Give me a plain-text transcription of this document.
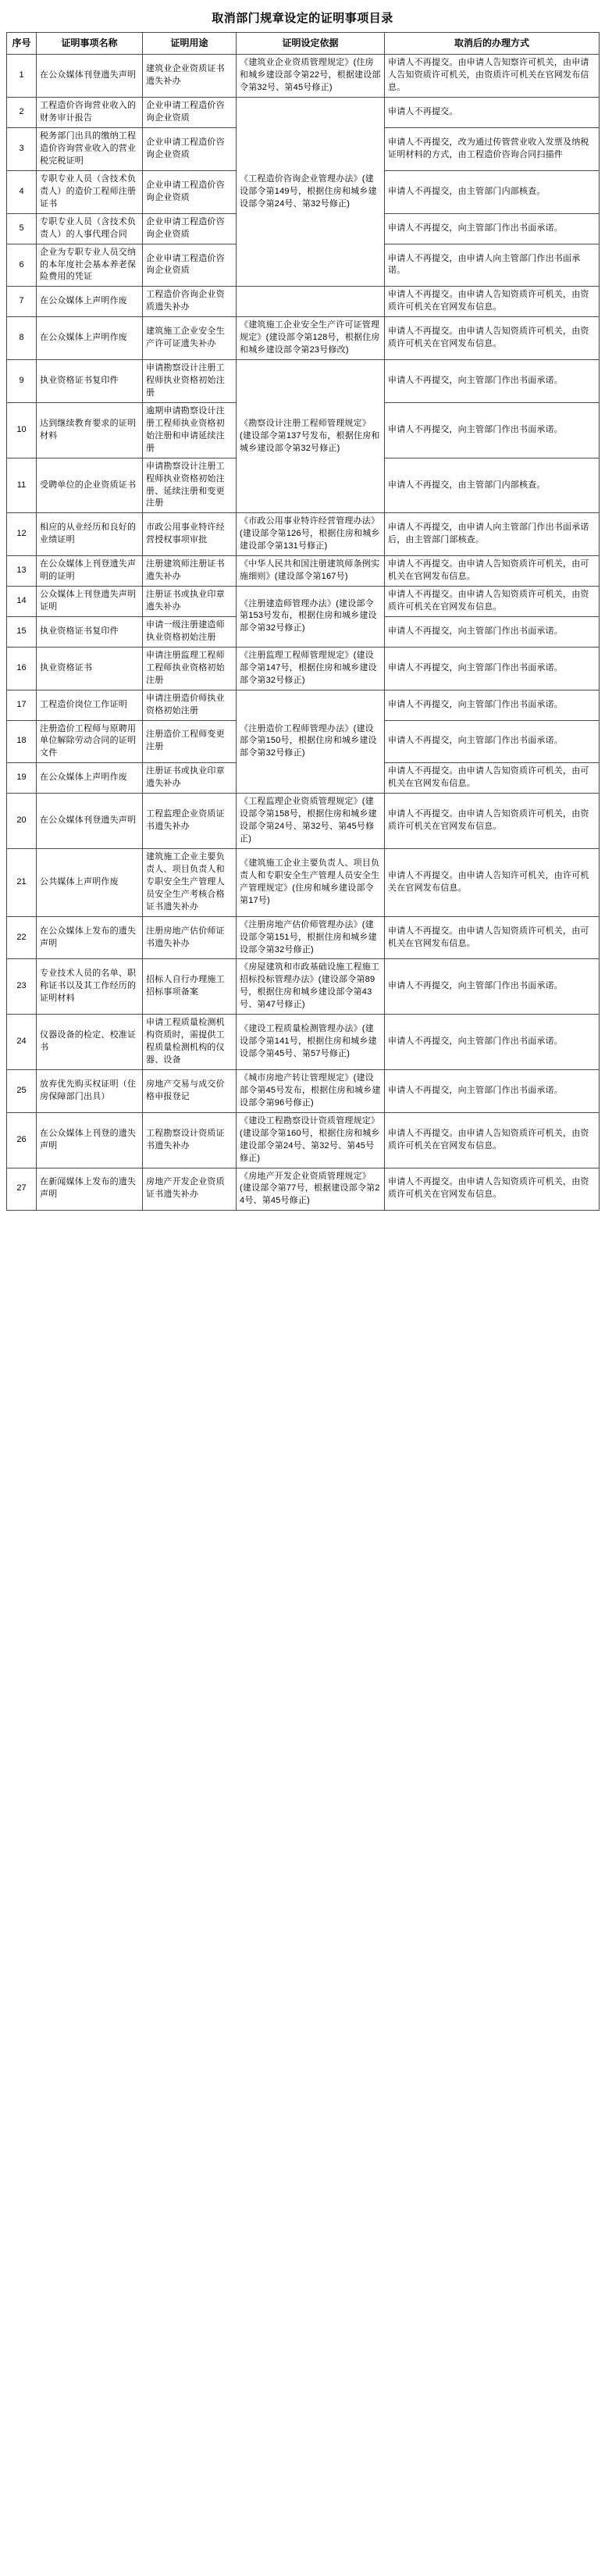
取消部门规章设定的证明事项目录
序号	证明事项名称	证明用途	证明设定依据	取消后的办理方式
1	在公众媒体刊登遗失声明	建筑业企业资质证书遗失补办	《建筑业企业资质管理规定》(住房和城乡建设部令第22号，根据建设部令第32号、第45号修正)	申请人不再提交。由申请人告知察许可机关，由申请人告知资质许可机关，由资质许可机关在官网发布信息。
2	工程造价咨询营业收入的财务审计报告	企业申请工程造价咨询企业资质	《工程造价咨询企业管理办法》(建设部令第149号，根据住房和城乡建设部令第24号、第32号修正)	申请人不再提交。
3	税务部门出具的缴纳工程造价咨询营业收入的营业税完税证明	企业申请工程造价咨询企业资质		申请人不再提交，改为通过传管营业收入发票及纳税证明材料的方式，由工程造价咨询合同扫描件
4	专职专业人员（含技术负责人）的造价工程师注册证书	企业申请工程造价咨询企业资质		申请人不再提交，由主管部门内部核查。
5	专职专业人员（含技术负责人）的人事代理合同	企业申请工程造价咨询企业资质		申请人不再提交，向主管部门作出书面承诺。
6	企业为专职专业人员交纳的本年度社会基本养老保险费用的凭证	企业申请工程造价咨询企业资质		申请人不再提交，由申请人向主管部门作出书面承诺。
7	在公众媒体上声明作废	工程造价咨询企业资质遗失补办		申请人不再提交。由申请人告知资质许可机关，由资质许可机关在官网发布信息。
8	在公众媒体上声明作废	建筑施工企业安全生产许可证遗失补办	《建筑施工企业安全生产许可证管理规定》(建设部令第128号，根据住房和城乡建设部令第23号修改)	申请人不再提交。由申请人告知资质许可机关，由资质许可机关在官网发布信息。
9	执业资格证书复印件	申请勘察设计注册工程师执业资格初始注册	《勘察设计注册工程师管理规定》(建设部令第137号发布，根据住房和城乡建设部令第32号修正)	申请人不再提交，向主管部门作出书面承诺。
10	达到继续教育要求的证明材料	逾期申请勘察设计注册工程师执业资格初始注册和申请延续注册		申请人不再提交，向主管部门作出书面承诺。
11	受聘单位的企业资质证书	申请勘察设计注册工程师执业资格初始注册、延续注册和变更注册		申请人不再提交，由主管部门内部核查。
12	相应的从业经历和良好的业绩证明	市政公用事业特许经营授权事项审批	《市政公用事业特许经营管理办法》(建设部令第126号，根据住房和城乡建设部令第131号修正)	申请人不再提交，由申请人向主管部门作出书面承诺后，由主管部门部核查。
13	在公众媒体上刊登遗失声明的证明	注册建筑师注册证书遗失补办	《中华人民共和国注册建筑师条例实施细则》(建设部令第167号)	申请人不再提交。由申请人告知资质许可机关，由可机关在官网发布信息。
14	公众媒体上刊登遗失声明证明	注册证书或执业印章遗失补办	《注册建造师管理办法》(建设部令第153号发布，根据住房和城乡建设部令第32号修正)	申请人不再提交。由申请人告知资质许可机关，由资质许可机关在官网发布信息。
15	执业资格证书复印件	申请一级注册建造师执业资格初始注册		申请人不再提交，向主管部门作出书面承诺。
16	执业资格证书	申请注册监理工程师工程师执业资格初始注册	《注册监理工程师管理规定》(建设部令第147号，根据住房和城乡建设部令第32号修正)	申请人不再提交，向主管部门作出书面承诺。
17	工程造价岗位工作证明	申请注册造价师执业资格初始注册	《注册造价工程师管理办法》(建设部令第150号，根据住房和城乡建设部令第32号修正)	申请人不再提交，向主管部门作出书面承诺。
18	注册造价工程师与原聘用单位解除劳动合同的证明文件	注册造价工程师变更注册		申请人不再提交，向主管部门作出书面承诺。
19	在公众媒体上声明作废	注册证书或执业印章遗失补办		申请人不再提交。由申请人告知资质许可机关，由可机关在官网发布信息。
20	在公众媒体刊登遗失声明	工程监理企业资质证书遗失补办	《工程监理企业资质管理规定》(建设部令第158号，根据住房和城乡建设部令第24号、第32号、第45号修正)	申请人不再提交。由申请人告知资质许可机关，由资质许可机关在官网发布信息。
21	公共媒体上声明作废	建筑施工企业主要负责人、项目负责人和专职安全生产管理人员安全生产考核合格证书遗失补办	《建筑施工企业主要负责人、项目负责人和专职安全生产管理人员安全生产管理规定》(住房和城乡建设部令第17号)	申请人不再提交。由申请人告知许可机关，由许可机关在官网发布信息。
22	在公众媒体上发布的遗失声明	注册房地产估价师证书遗失补办	《注册房地产估价师管理办法》(建设部令第151号，根据住房和城乡建设部令第32号修正)	申请人不再提交。由申请人告知资质许可机关，由可机关在官网发布信息。
23	专业技术人员的名单、职称证书以及其工作经历的证明材料	招标人自行办理施工招标事项备案	《房屋建筑和市政基础设施工程施工招标投标管理办法》(建设部令第89号，根据住房和城乡建设部令第43号、第47号修正)	申请人不再提交，向主管部门作出书面承诺。
24	仪器设备的检定、校准证书	申请工程质量检测机构资质时，需提供工程质量检测机构的仪器、设备	《建设工程质量检测管理办法》(建设部令第141号，根据住房和城乡建设部令第45号、第57号修正)	申请人不再提交，向主管部门作出书面承诺。
25	放弃优先购买权证明（住房保障部门出具）	房地产交易与成交价格申报登记	《城市房地产转让管理规定》(建设部令第45号发布，根据住房和城乡建设部令第96号修正)	申请人不再提交，向主管部门作出书面承诺。
26	在公众媒体上刊登的遗失声明	工程勘察设计资质证书遗失补办	《建设工程勘察设计资质管理规定》(建设部令第160号，根据住房和城乡建设部令第24号、第32号、第45号修正)	申请人不再提交。由申请人告知资质许可机关，由资质许可机关在官网发布信息。
27	在新闻媒体上发布的遗失声明	房地产开发企业资质证书遗失补办	《房地产开发企业资质管理规定》(建设部令第77号，根据建设部令第24号、第45号修正)	申请人不再提交。由申请人告知资质许可机关，由资质许可机关在官网发布信息。
